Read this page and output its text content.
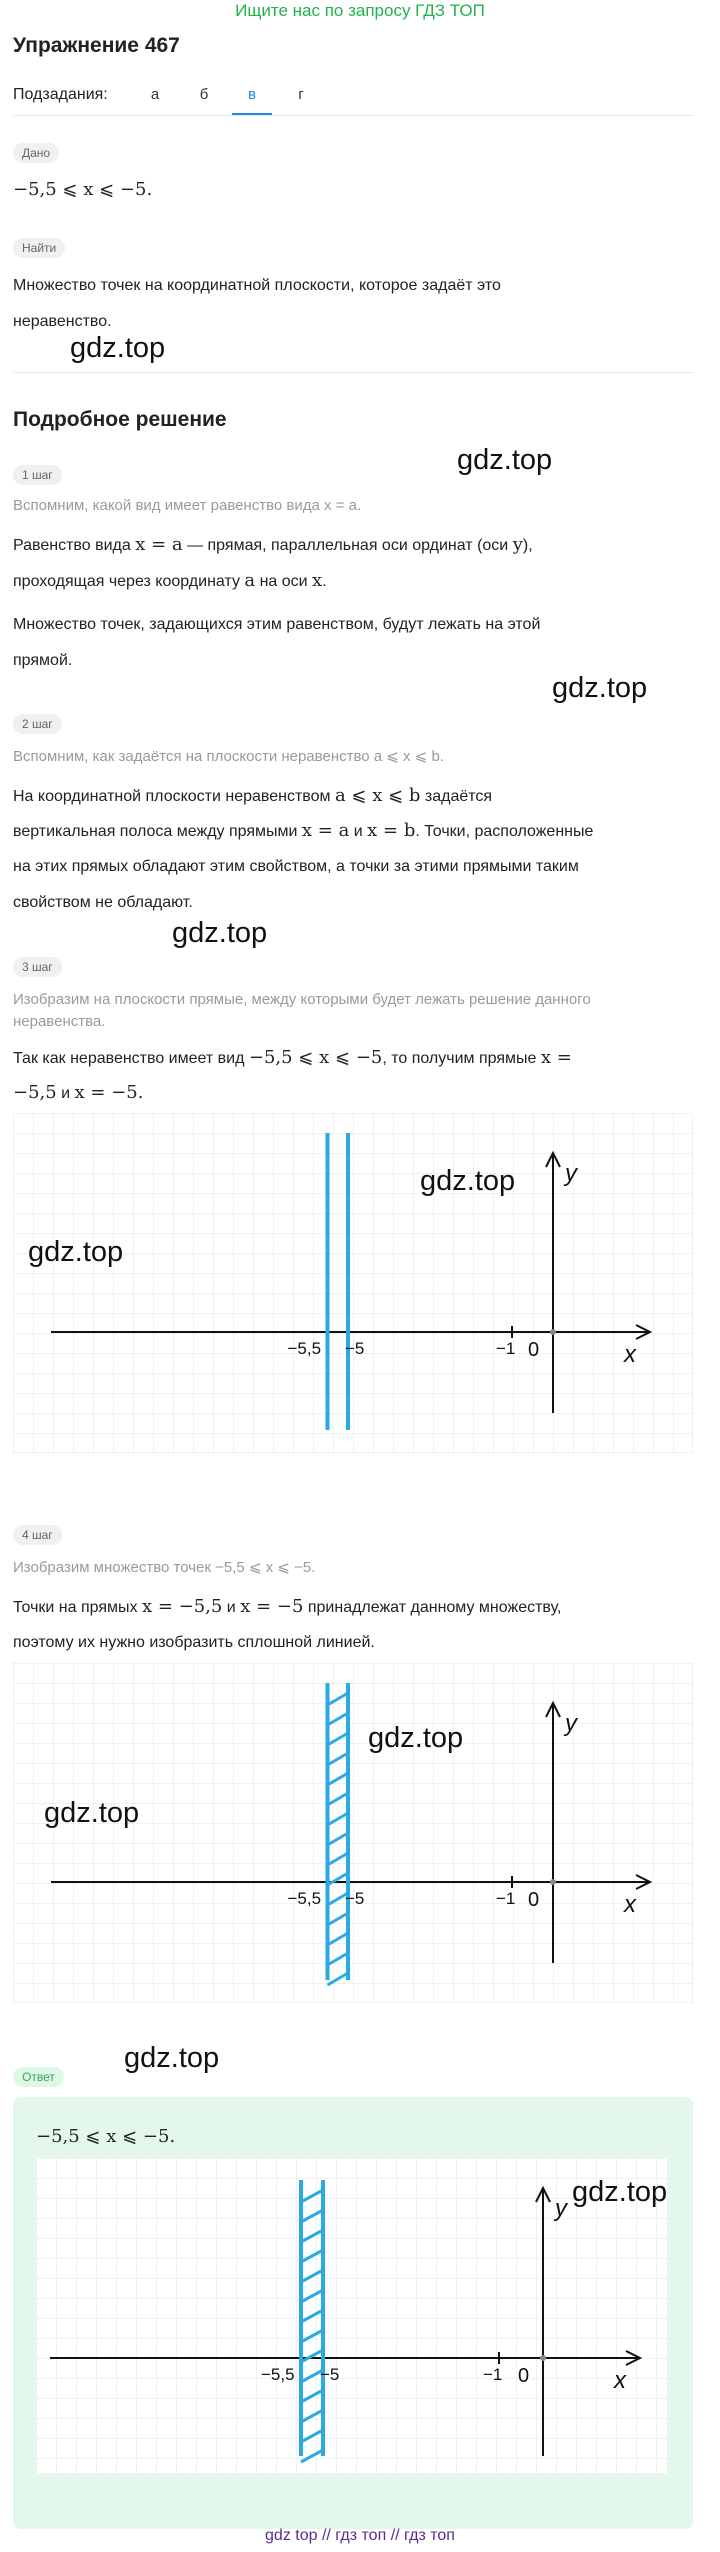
Ищите нас по запросу ГДЗ ТОП
Упражнение 467
Подзадания:	а	б	в	г
Дано
−5,5 ⩽ x ⩽ −5.
Найти
Множество точек на координатной плоскости, которое задаёт это
неравенство.
gdz.top
Подробное решение
gdz.top
1 шаг
Вспомним, какой вид имеет равенство вида x = a.
Равенство вида x = a — прямая, параллельная оси ординат (оси y),
проходящая через координату a на оси x.
Множество точек, задающихся этим равенством, будут лежать на этой
прямой.
gdz.top
2 шаг
Вспомним, как задаётся на плоскости неравенство a ⩽ x ⩽ b.
На координатной плоскости неравенством a ⩽ x ⩽ b задаётся
вертикальная полоса между прямыми x = a и x = b. Точки, расположенные
на этих прямых обладают этим свойством, а точки за этими прямыми таким
свойством не обладают.
gdz.top
3 шаг
Изобразим на плоскости прямые, между которыми будет лежать решение данного
неравенства.
Так как неравенство имеет вид −5,5 ⩽ x ⩽ −5, то получим прямые x =
−5,5 и x = −5.
−5,5 −5	−1 0	x
y
gdz.top
gdz.top
4 шаг
Изобразим множество точек −5,5 ⩽ x ⩽ −5.
Точки на прямых x = −5,5 и x = −5 принадлежат данному множеству,
поэтому их нужно изобразить сплошной линией.
−5,5 −5	−1 0	x
y
gdz.top
gdz.top
Ответ
gdz.top
−5,5 ⩽ x ⩽ −5.
−5,5 −5	−1 0	x
y
gdz.top
gdz top // гдз топ // гдз топ
